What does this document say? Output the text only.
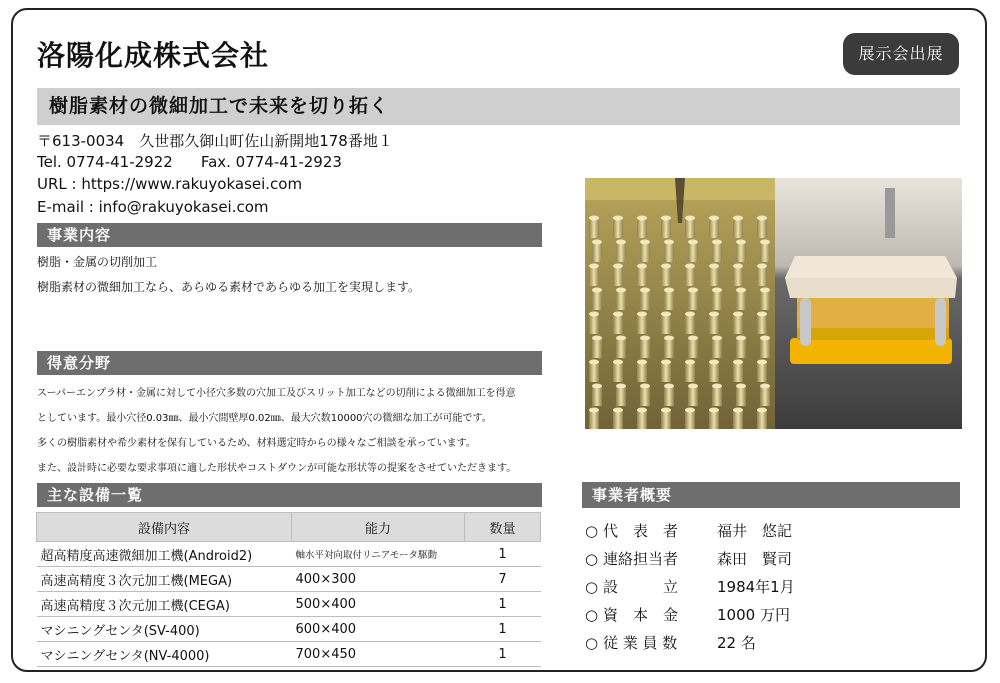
洛陽化成株式会社	展示会出展
樹脂素材の微細加工で未来を切り拓く
〒613-0034　久世郡久御山町佐山新開地178番地１
Tel. 0774-41-2922 Fax. 0774-41-2923
URL : https://www.rakuyokasei.com
E-mail : info@rakuyokasei.com
事業内容
樹脂・金属の切削加工
樹脂素材の微細加工なら、あらゆる素材であらゆる加工を実現します。
得意分野
スーパーエンプラ材・金属に対して小径穴多数の穴加工及びスリット加工などの切削による微細加工を得意
としています。最小穴径0.03㎜、最小穴間壁厚0.02㎜、最大穴数10000穴の微細な加工が可能です。
多くの樹脂素材や希少素材を保有しているため、材料選定時からの様々なご相談を承っています。
また、設計時に必要な要求事項に適した形状やコストダウンが可能な形状等の提案をさせていただきます。
主な設備一覧
設備内容	能力	数量
超高精度高速微細加工機(Android2)	軸水平対向取付リニアモータ駆動	1
高速高精度３次元加工機(MEGA)	400×300	7
高速高精度３次元加工機(CEGA)	500×400	1
マシニングセンタ(SV-400)	600×400	1
マシニングセンタ(NV-4000)	700×450	1
事業者概要
○ 代　表　者	福井　悠記
○ 連絡担当者	森田　賢司
○ 設　　　立	1984年1月
○ 資　本　金	1000 万円
○ 従 業 員 数	22 名
